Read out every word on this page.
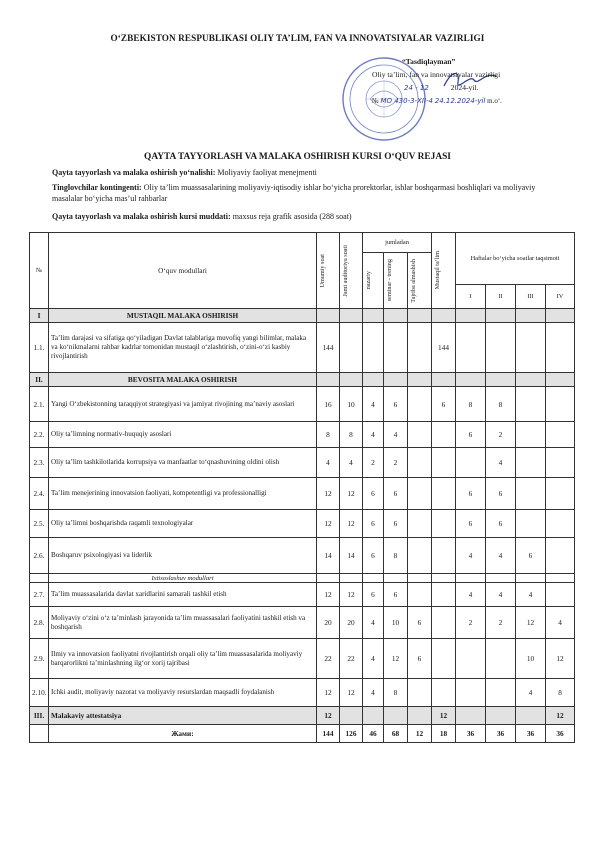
O‘ZBEKISTON RESPUBLIKASI OLIY TA’LIM, FAN VA INNOVATSIYALAR VAZIRLIGI
“Tasdiqlayman”
Oliy ta’lim, fan va innovatsiyalar vazirligi
24 - 12	2024-yil.
№ МО 430-3-ХII-4 24.12.2024-yil m.o‘.
QAYTA TAYYORLASH VA MALAKA OSHIRISH KURSI O‘QUV REJASI
Qayta tayyorlash va malaka oshirish yo‘nalishi: Moliyaviy faoliyat menejmenti
Tinglovchilar kontingenti: Oliy ta’lim muassasalarining moliyaviy-iqtisodiy ishlar bo‘yicha prorektorlar, ishlar boshqarmasi boshliqlari va moliyaviy masalalar bo‘yicha mas’ul rahbarlar
Qayta tayyorlash va malaka oshirish kursi muddati: maxsus reja grafik asosida (288 soat)
№	O‘quv modullari	Umumiy soat	Jami auditoriya soati	jumladan			Mustaqil ta’lim	Haftalar bo‘yicha soatlar taqsimoti			

				nazariy	seminar - trening	Tajriba almashish					

								I	II	III	IV
I	MUSTAQIL MALAKA OSHIRISH										
1.1.	Ta’lim darajasi va sifatiga qo‘yiladigan Davlat talablariga muvofiq yangi bilimlar, malaka va ko‘nikmalarni rahbar kadrlar tomonidan mustaqil o‘zlashtirish, o‘zini-o‘zi kasbiy rivojlantirish	144					144				
II.	BEVOSITA MALAKA OSHIRISH										
2.1.	Yangi O‘zbekistonning taraqqiyot strategiyasi va jamiyat rivojining ma’naviy asoslari	16	10	4	6		6	8	8		
2.2.	Oliy ta’limning normativ-huquqiy asoslari	8	8	4	4			6	2		
2.3.	Oliy ta’lim tashkilotlarida korrupsiya va manfaatlar to‘qnashuvining oldini olish	4	4	2	2				4		
2.4.	Ta’lim menejerining innovatsion faoliyati, kompetentligi va professionalligi	12	12	6	6			6	6		
2.5.	Oliy ta’limni boshqarishda raqamli texnologiyalar	12	12	6	6			6	6		
2.6.	Boshqaruv psixologiyasi va liderlik	14	14	6	8			4	4	6	
	Ixtisoslashuv modullari										
2.7.	Ta’lim muassasalarida davlat xaridlarini samarali tashkil etish	12	12	6	6			4	4	4	
2.8.	Moliyaviy o‘zini o‘z ta’minlash jarayonida ta’lim muassasalari faoliyatini tashkil etish va boshqarish	20	20	4	10	6		2	2	12	4
2.9.	Ilmiy va innovatsion faoliyatni rivojlantirish orqali oliy ta’lim muassasalarida moliyaviy barqarorlikni ta’minlashning ilg‘or xorij tajribasi	22	22	4	12	6				10	12
2.10.	Ichki audit, moliyaviy nazorat va moliyaviy resurslardan maqsadli foydalanish	12	12	4	8					4	8
III.	Malakaviy attestatsiya	12					12				12
	Жами:	144	126	46	68	12	18	36	36	36	36
